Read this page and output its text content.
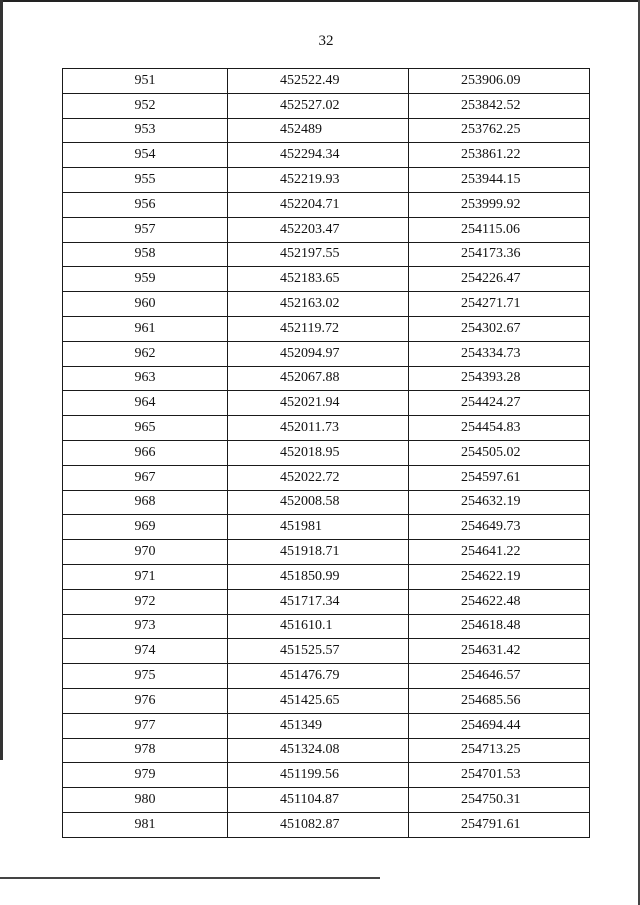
32
951	452522.49	253906.09
952	452527.02	253842.52
953	452489	253762.25
954	452294.34	253861.22
955	452219.93	253944.15
956	452204.71	253999.92
957	452203.47	254115.06
958	452197.55	254173.36
959	452183.65	254226.47
960	452163.02	254271.71
961	452119.72	254302.67
962	452094.97	254334.73
963	452067.88	254393.28
964	452021.94	254424.27
965	452011.73	254454.83
966	452018.95	254505.02
967	452022.72	254597.61
968	452008.58	254632.19
969	451981	254649.73
970	451918.71	254641.22
971	451850.99	254622.19
972	451717.34	254622.48
973	451610.1	254618.48
974	451525.57	254631.42
975	451476.79	254646.57
976	451425.65	254685.56
977	451349	254694.44
978	451324.08	254713.25
979	451199.56	254701.53
980	451104.87	254750.31
981	451082.87	254791.61
